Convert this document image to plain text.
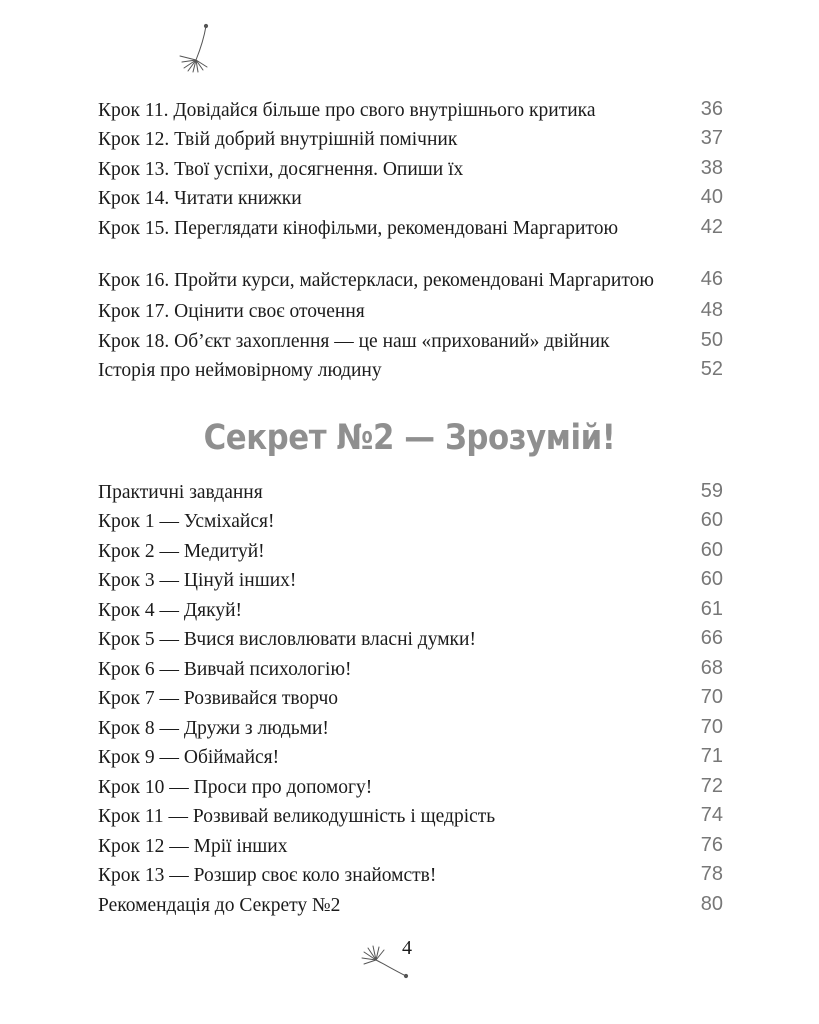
Крок 11. Довідайся більше про свого внутрішнього критика	36
Крок 12. Твій добрий внутрішній помічник	37
Крок 13. Твої успіхи, досягнення. Опиши їх	38
Крок 14. Читати книжки	40
Крок 15. Переглядати кінофільми, рекомендовані Маргаритою	42
Крок 16. Пройти курси, майстеркласи, рекомендовані Маргаритою	46
Крок 17. Оцінити своє оточення	48
Крок 18. Об’єкт захоплення — це наш «прихований» двійник	50
Історія про неймовірному людину	52
Секрет №2 — Зрозумій!
Практичні завдання	59
Крок 1 — Усміхайся!	60
Крок 2 — Медитуй!	60
Крок 3 — Цінуй інших!	60
Крок 4 — Дякуй!	61
Крок 5 — Вчися висловлювати власні думки!	66
Крок 6 — Вивчай психологію!	68
Крок 7 — Розвивайся творчо	70
Крок 8 — Дружи з людьми!	70
Крок 9 — Обіймайся!	71
Крок 10 — Проси про допомогу!	72
Крок 11 — Розвивай великодушність і щедрість	74
Крок 12 — Мрії інших	76
Крок 13 — Розшир своє коло знайомств!	78
Рекомендація до Секрету №2	80
4
